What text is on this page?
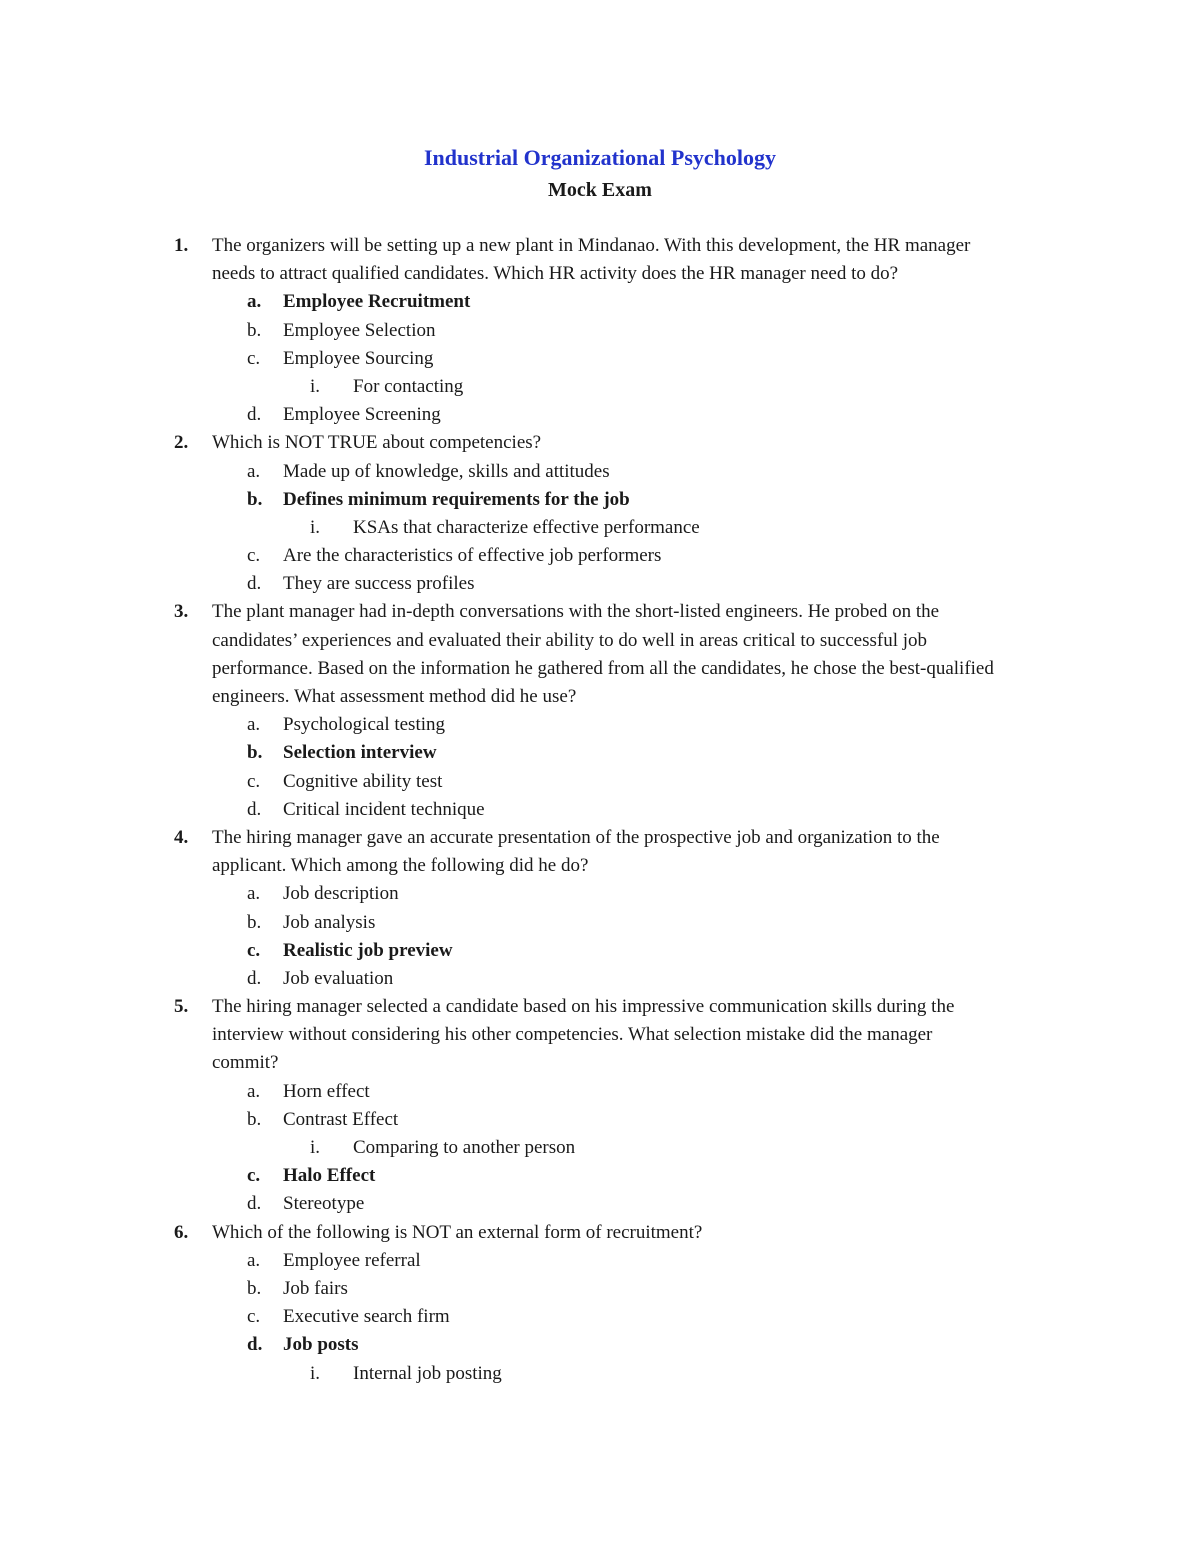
Industrial Organizational Psychology
Mock Exam
1. The organizers will be setting up a new plant in Mindanao. With this development, the HR manager
needs to attract qualified candidates. Which HR activity does the HR manager need to do?
a. Employee Recruitment
b. Employee Selection
c. Employee Sourcing
i. For contacting
d. Employee Screening
2. Which is NOT TRUE about competencies?
a. Made up of knowledge, skills and attitudes
b. Defines minimum requirements for the job
i. KSAs that characterize effective performance
c. Are the characteristics of effective job performers
d. They are success profiles
3. The plant manager had in-depth conversations with the short-listed engineers. He probed on the
candidates’ experiences and evaluated their ability to do well in areas critical to successful job
performance. Based on the information he gathered from all the candidates, he chose the best-qualified
engineers. What assessment method did he use?
a. Psychological testing
b. Selection interview
c. Cognitive ability test
d. Critical incident technique
4. The hiring manager gave an accurate presentation of the prospective job and organization to the
applicant. Which among the following did he do?
a. Job description
b. Job analysis
c. Realistic job preview
d. Job evaluation
5. The hiring manager selected a candidate based on his impressive communication skills during the
interview without considering his other competencies. What selection mistake did the manager
commit?
a. Horn effect
b. Contrast Effect
i. Comparing to another person
c. Halo Effect
d. Stereotype
6. Which of the following is NOT an external form of recruitment?
a. Employee referral
b. Job fairs
c. Executive search firm
d. Job posts
i. Internal job posting
